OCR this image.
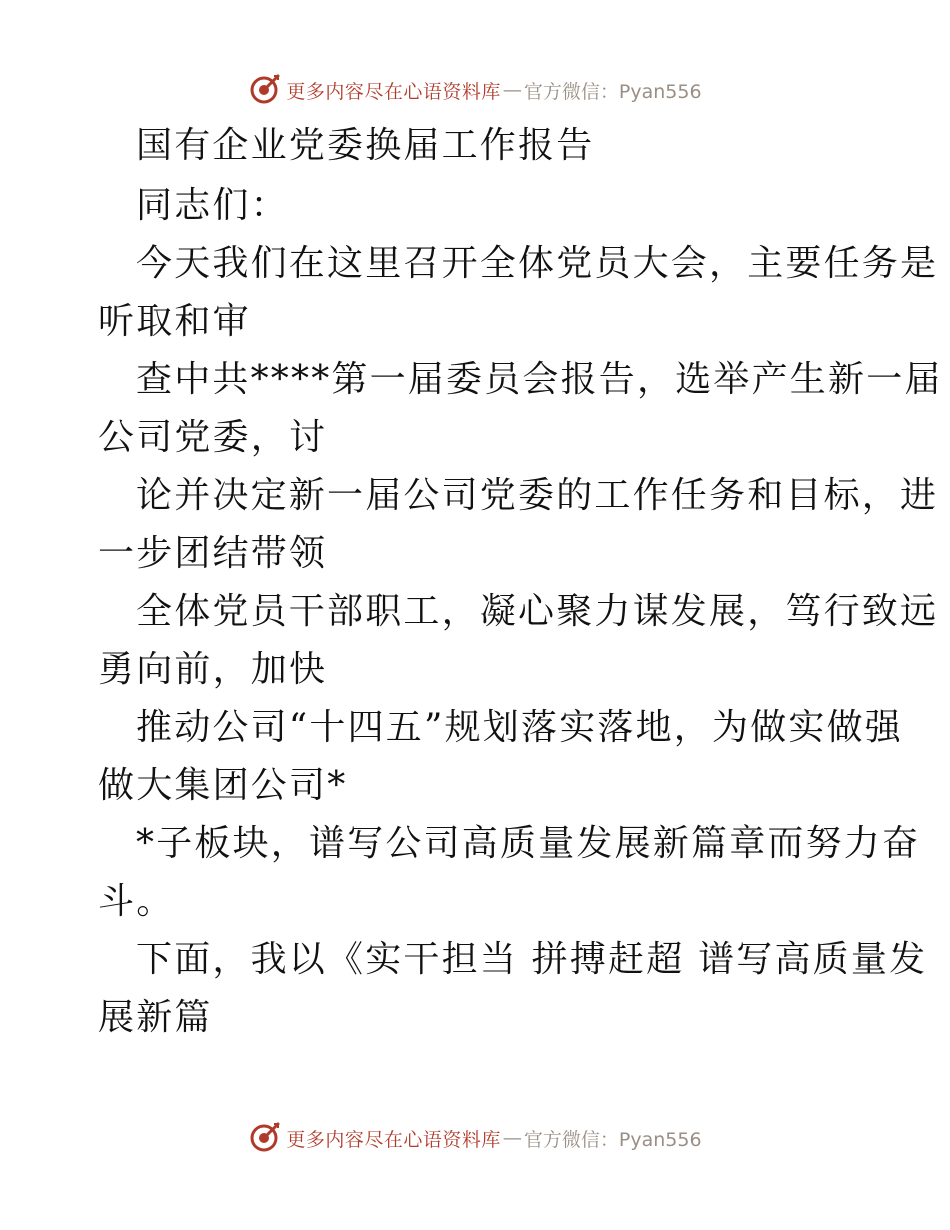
更多内容尽在心语资料库 — 官方微信：Pyan556
国有企业党委换届工作报告
同志们：
今天我们在这里召开全体党员大会，主要任务是
听取和审
查中共****第一届委员会报告，选举产生新一届
公司党委，讨
论并决定新一届公司党委的工作任务和目标，进
一步团结带领
全体党员干部职工，凝心聚力谋发展，笃行致远
勇向前，加快
推动公司“十四五”规划落实落地，为做实做强
做大集团公司*
*子板块，谱写公司高质量发展新篇章而努力奋
斗。
下面，我以《实干担当 拼搏赶超 谱写高质量发
展新篇
更多内容尽在心语资料库 — 官方微信：Pyan556
